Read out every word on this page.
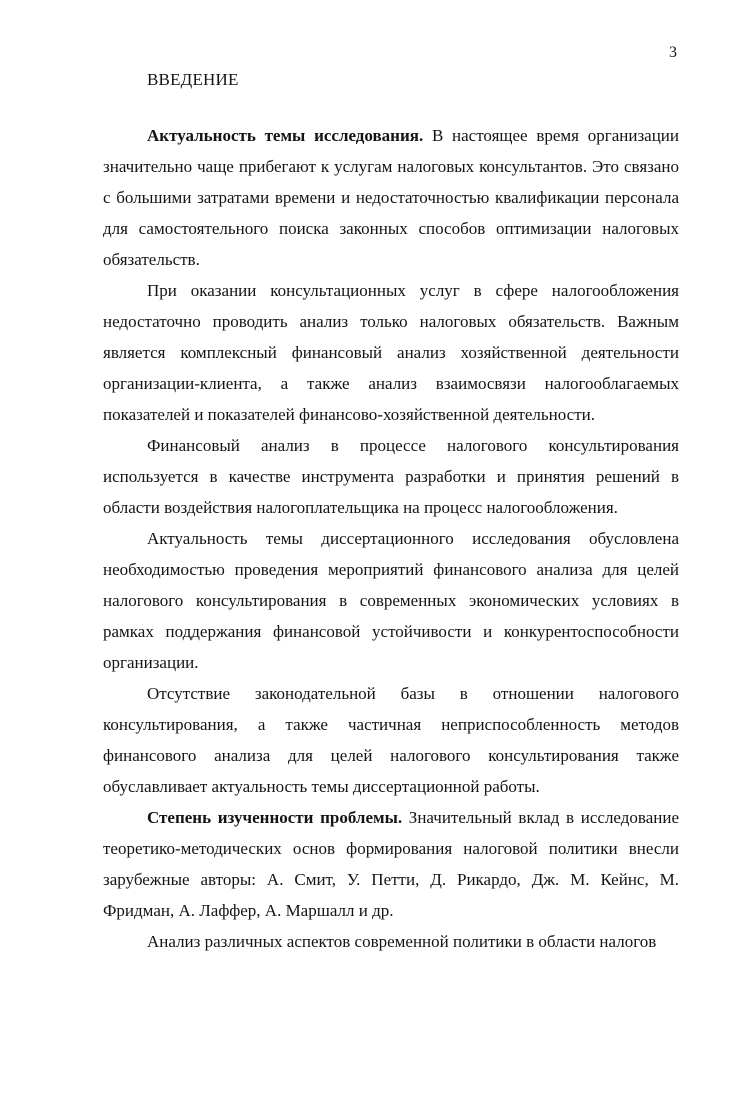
3
ВВЕДЕНИЕ

Актуальность темы исследования. В настоящее время организации значительно чаще прибегают к услугам налоговых консультантов. Это связано с большими затратами времени и недостаточностью квалификации персонала для самостоятельного поиска законных способов оптимизации налоговых обязательств.

При оказании консультационных услуг в сфере налогообложения недостаточно проводить анализ только налоговых обязательств. Важным является комплексный финансовый анализ хозяйственной деятельности организации-клиента, а также анализ взаимосвязи налогооблагаемых показателей и показателей финансово-хозяйственной деятельности.

Финансовый анализ в процессе налогового консультирования используется в качестве инструмента разработки и принятия решений в области воздействия налогоплательщика на процесс налогообложения.

Актуальность темы диссертационного исследования обусловлена необходимостью проведения мероприятий финансового анализа для целей налогового консультирования в современных экономических условиях в рамках поддержания финансовой устойчивости и конкурентоспособности организации.

Отсутствие законодательной базы в отношении налогового консультирования, а также частичная неприспособленность методов финансового анализа для целей налогового консультирования также обуславливает актуальность темы диссертационной работы.

Степень изученности проблемы. Значительный вклад в исследование теоретико-методических основ формирования налоговой политики внесли зарубежные авторы: А. Смит, У. Петти, Д. Рикардо, Дж. М. Кейнс, М. Фридман, А. Лаффер, А. Маршалл и др.

Анализ различных аспектов современной политики в области налогов
